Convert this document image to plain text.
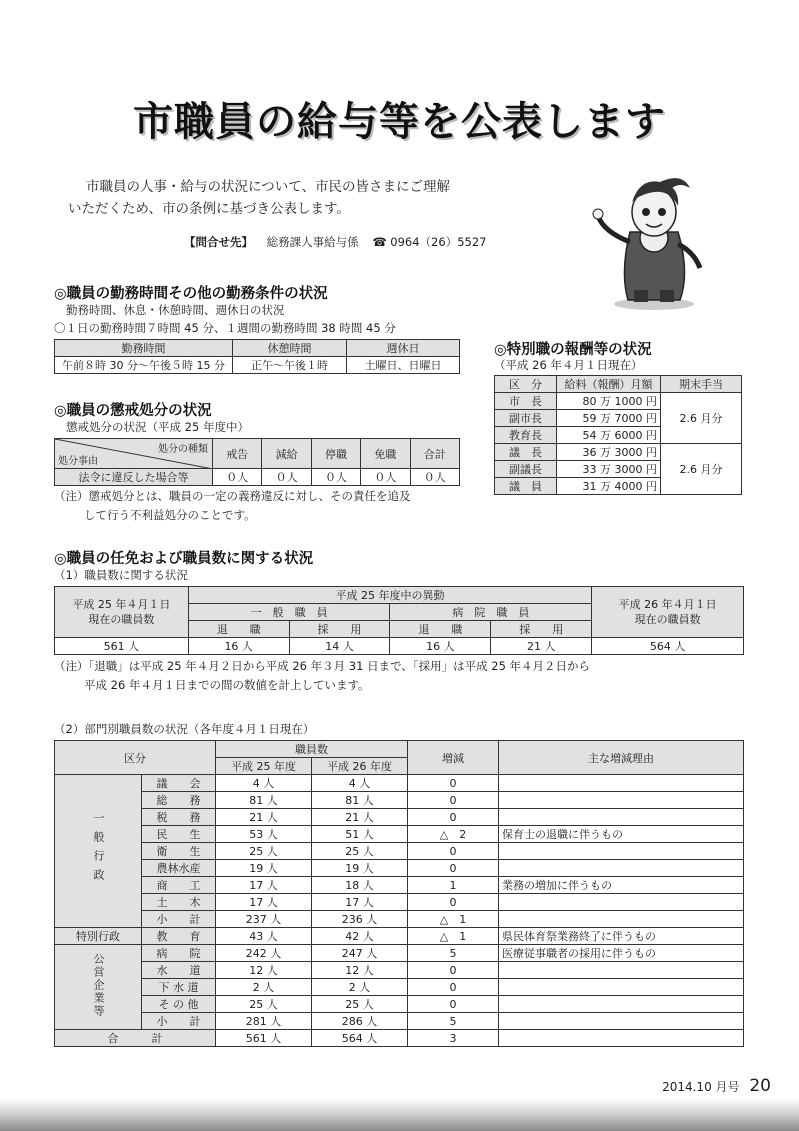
市職員の給与等を公表します
市職員の人事・給与の状況について、市民の皆さまにご理解
いただくため、市の条例に基づき公表します。
【問合せ先】 総務課人事給与係 ☎ 0964（26）5527
◎職員の勤務時間その他の勤務条件の状況
勤務時間、休息・休憩時間、週休日の状況
〇１日の勤務時間７時間 45 分、１週間の勤務時間 38 時間 45 分
勤務時間	休憩時間	週休日
午前８時 30 分〜午後５時 15 分	正午〜午後１時	土曜日、日曜日
◎職員の懲戒処分の状況
懲戒処分の状況（平成 25 年度中）
処分の種類
処分事由	戒告	減給	停職	免職	合計
法令に違反した場合等	０人	０人	０人	０人	０人
（注）懲戒処分とは、職員の一定の義務違反に対し、その責任を追及
して行う不利益処分のことです。
◎特別職の報酬等の状況
（平成 26 年４月１日現在）
区　分	給料（報酬）月額	期末手当
市　長	80 万 1000 円	2.6 月分
副市長	59 万 7000 円	
教育長	54 万 6000 円	
議　長	36 万 3000 円	2.6 月分
副議長	33 万 3000 円	
議　員	31 万 4000 円	
◎職員の任免および職員数に関する状況
（1）職員数に関する状況
平成 25 年４月１日
現在の職員数	平成 25 年度中の異動				平成 26 年４月１日
現在の職員数
	一　般　職　員		病　院　職　員		
	退　　職	採　　用	退　　職	採　　用	
561 人	16 人	14 人	16 人	21 人	564 人
（注）「退職」は平成 25 年４月２日から平成 26 年３月 31 日まで、「採用」は平成 25 年４月２日から
平成 26 年４月１日までの間の数値を計上しています。
（2）部門別職員数の状況（各年度４月１日現在）
区分		職員数		増減	主な増減理由
		平成 25 年度	平成 26 年度		
一般行政	議　　会	4 人	4 人	0	
	総　　務	81 人	81 人	0	
	税　　務	21 人	21 人	0	
	民　　生	53 人	51 人	△　2	保育士の退職に伴うもの
	衛　　生	25 人	25 人	0	
	農林水産	19 人	19 人	0	
	商　　工	17 人	18 人	1	業務の増加に伴うもの
	土　　木	17 人	17 人	0	
	小　　計	237 人	236 人	△　1	
特別行政	教　　育	43 人	42 人	△　1	県民体育祭業務終了に伴うもの
公営企業等	病　　院	242 人	247 人	5	医療従事職者の採用に伴うもの
	水　　道	12 人	12 人	0	
	下 水 道	2 人	2 人	0	
	そ の 他	25 人	25 人	0	
	小　　計	281 人	286 人	5	
合　　　計		561 人	564 人	3	
2014.10 月号 20
